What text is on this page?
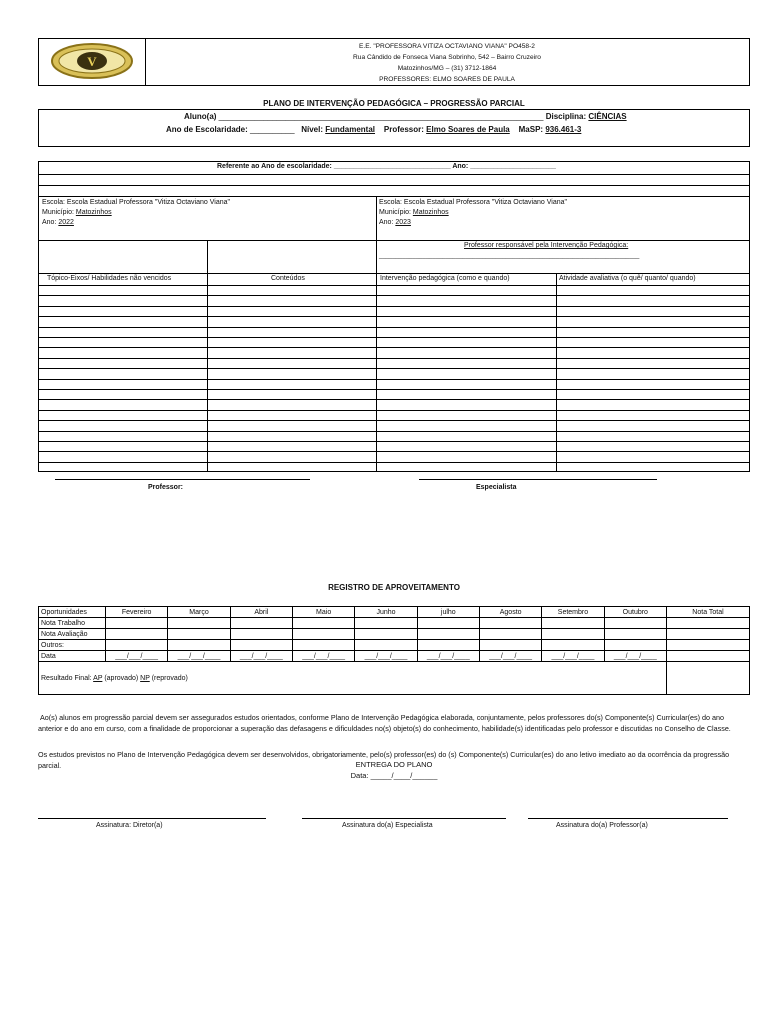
V
E.E. "PROFESSORA VITIZA OCTAVIANO VIANA" PO458-2
Rua Cândido de Fonseca Viana Sobrinho, 542 – Bairro Cruzeiro
Matozinhos/MG – (31) 3712-1864
PROFESSORES: ELMO SOARES DE PAULA
PLANO DE INTERVENÇÃO PEDAGÓGICA – PROGRESSÃO PARCIAL
Aluno(a) _________________________________________________________________________ Disciplina: CIÊNCIAS
Ano de Escolaridade: __________ Nível: Fundamental Professor: Elmo Soares de Paula MaSP: 936.461-3
Referente ao Ano de escolaridade: ______________________________ Ano: ______________________
Escola: Escola Estadual Professora "Vitiza Octaviano Viana"
Município: Matozinhos
Ano: 2022
Escola: Escola Estadual Professora "Vitiza Octaviano Viana"
Município: Matozinhos
Ano: 2023
Professor responsável pela Intervenção Pedagógica:
______________________________________________________________________________
Tópico-Eixos/ Habilidades não vencidos	Conteúdos	Intervenção pedagógica (como e quando)	Atividade avaliativa (o quê/ quanto/ quando)
Professor:	Especialista
REGISTRO DE APROVEITAMENTO
Oportunidades	Fevereiro	Março	Abril	Maio	Junho	julho	Agosto	Setembro	Outubro	Nota Total
Nota Trabalho										
Nota Avaliação										
Outros:										
Data	___/___/____	___/___/____	___/___/____	___/___/____	___/___/____	___/___/____	___/___/____	___/___/____	___/___/____	
Resultado Final: AP (aprovado) NP (reprovado)										
Ao(s) alunos em progressão parcial devem ser assegurados estudos orientados, conforme Plano de Intervenção Pedagógica elaborada, conjuntamente, pelos professores do(s) Componente(s) Curricular(es) do ano anterior e do ano em curso, com a finalidade de proporcionar a superação das defasagens e dificuldades no(s) objeto(s) do conhecimento, habilidade(s) identificadas pelo professor e discutidas no Conselho de Classe.
Os estudos previstos no Plano de Intervenção Pedagógica devem ser desenvolvidos, obrigatoriamente, pelo(s) professor(es) do (s) Componente(s) Curricular(es) do ano letivo imediato ao da ocorrência da progressão parcial.	ENTREGA DO PLANO
Data: _____/____/______
Assinatura: Diretor(a)	Assinatura do(a) Especialista	Assinatura do(a) Professor(a)
